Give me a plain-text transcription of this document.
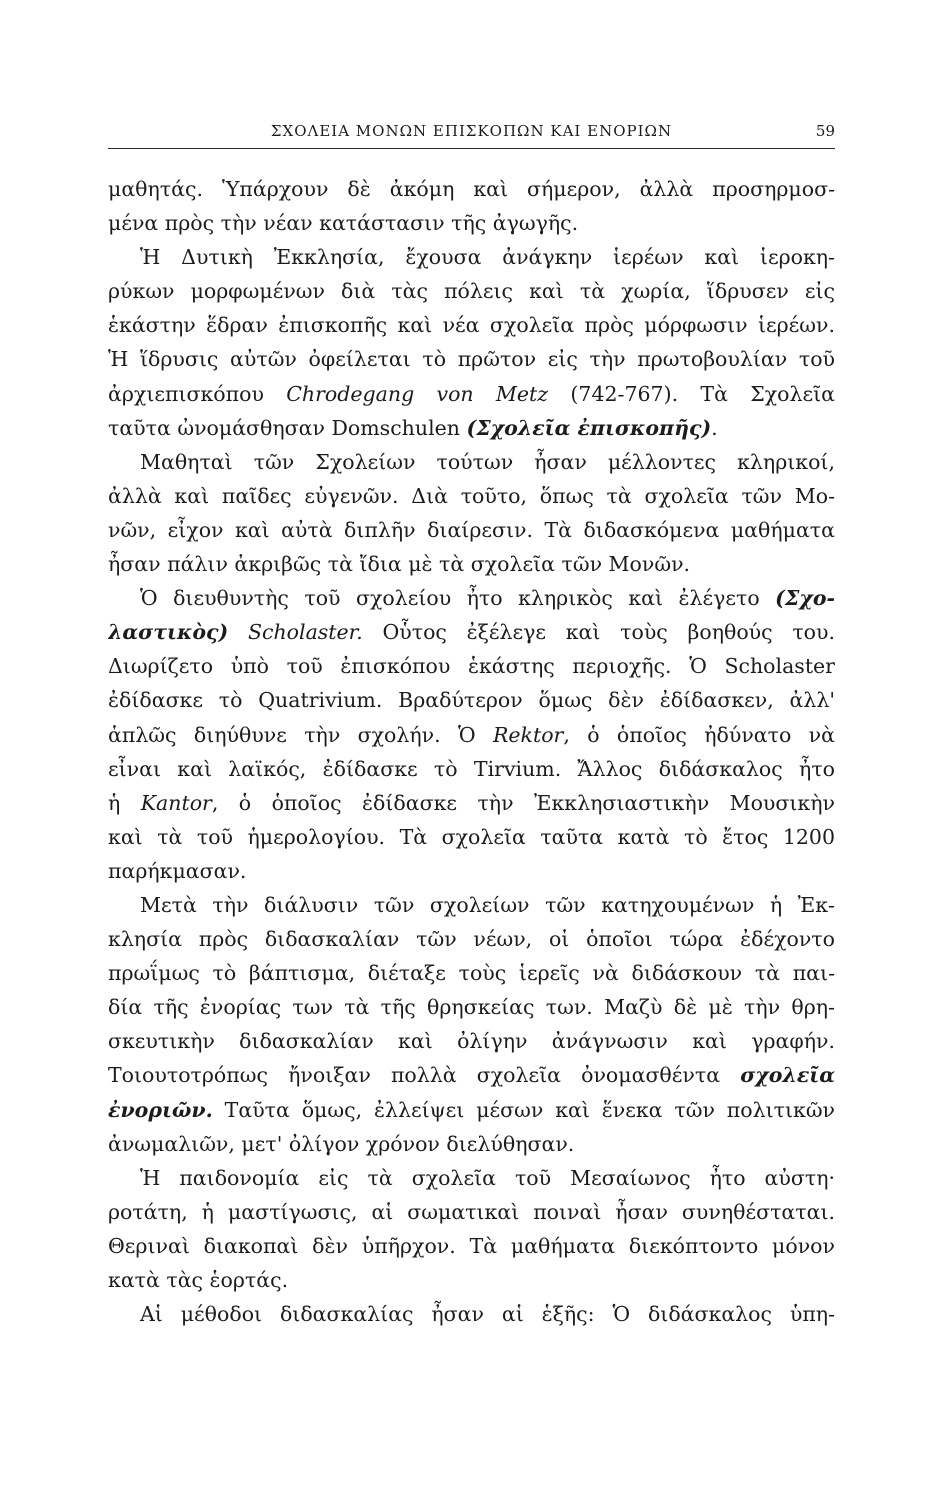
ΣΧΟΛΕΙΑ ΜΟΝΩΝ ΕΠΙΣΚΟΠΩΝ ΚΑΙ ΕΝΟΡΙΩΝ	59
μαθητάς. Ὑπάρχουν δὲ ἀκόμη καὶ σήμερον, ἀλλὰ προσηρμοσ-
μένα πρὸς τὴν νέαν κατάστασιν τῆς ἀγωγῆς.
Ἡ Δυτικὴ Ἐκκλησία, ἔχουσα ἀνάγκην ἱερέων καὶ ἱεροκη-
ρύκων μορφωμένων διὰ τὰς πόλεις καὶ τὰ χωρία, ἵδρυσεν εἰς
ἑκάστην ἕδραν ἐπισκοπῆς καὶ νέα σχολεῖα πρὸς μόρφωσιν ἱερέων.
Ἡ ἵδρυσις αὐτῶν ὀφείλεται τὸ πρῶτον εἰς τὴν πρωτοβουλίαν τοῦ
ἀρχιεπισκόπου Chrodegang von Metz (742-767). Τὰ Σχολεῖα
ταῦτα ὠνομάσθησαν Domschulen (Σχολεῖα ἐπισκοπῆς).
Μαθηταὶ τῶν Σχολείων τούτων ἦσαν μέλλοντες κληρικοί,
ἀλλὰ καὶ παῖδες εὐγενῶν. Διὰ τοῦτο, ὅπως τὰ σχολεῖα τῶν Μο-
νῶν, εἶχον καὶ αὐτὰ διπλῆν διαίρεσιν. Τὰ διδασκόμενα μαθήματα
ἦσαν πάλιν ἀκριβῶς τὰ ἴδια μὲ τὰ σχολεῖα τῶν Μονῶν.
Ὁ διευθυντὴς τοῦ σχολείου ἦτο κληρικὸς καὶ ἐλέγετο (Σχο-
λαστικὸς) Scholaster. Οὗτος ἐξέλεγε καὶ τοὺς βοηθούς του.
Διωρίζετο ὑπὸ τοῦ ἐπισκόπου ἑκάστης περιοχῆς. Ὁ Scholaster
ἐδίδασκε τὸ Quatrivium. Βραδύτερον ὅμως δὲν ἐδίδασκεν, ἀλλ'
ἁπλῶς διηύθυνε τὴν σχολήν. Ὁ Rektor, ὁ ὁποῖος ἠδύνατο νὰ
εἶναι καὶ λαϊκός, ἐδίδασκε τὸ Tirvium. Ἄλλος διδάσκαλος ἦτο
ἡ Kantor, ὁ ὁποῖος ἐδίδασκε τὴν Ἐκκλησιαστικὴν Μουσικὴν
καὶ τὰ τοῦ ἡμερολογίου. Τὰ σχολεῖα ταῦτα κατὰ τὸ ἔτος 1200
παρήκμασαν.
Μετὰ τὴν διάλυσιν τῶν σχολείων τῶν κατηχουμένων ἡ Ἐκ-
κλησία πρὸς διδασκαλίαν τῶν νέων, οἱ ὁποῖοι τώρα ἐδέχοντο
πρωΐμως τὸ βάπτισμα, διέταξε τοὺς ἱερεῖς νὰ διδάσκουν τὰ παι-
δία τῆς ἐνορίας των τὰ τῆς θρησκείας των. Μαζὺ δὲ μὲ τὴν θρη-
σκευτικὴν διδασκαλίαν καὶ ὀλίγην ἀνάγνωσιν καὶ γραφήν.
Τοιουτοτρόπως ἤνοιξαν πολλὰ σχολεῖα ὀνομασθέντα σχολεῖα
ἐνοριῶν. Ταῦτα ὅμως, ἐλλείψει μέσων καὶ ἕνεκα τῶν πολιτικῶν
ἀνωμαλιῶν, μετ' ὀλίγον χρόνον διελύθησαν.
Ἡ παιδονομία εἰς τὰ σχολεῖα τοῦ Μεσαίωνος ἦτο αὐστη·
ροτάτη, ἡ μαστίγωσις, αἱ σωματικαὶ ποιναὶ ἦσαν συνηθέσταται.
Θεριναὶ διακοπαὶ δὲν ὑπῆρχον. Τὰ μαθήματα διεκόπτοντο μόνον
κατὰ τὰς ἑορτάς.
Αἱ μέθοδοι διδασκαλίας ἦσαν αἱ ἑξῆς: Ὁ διδάσκαλος ὑπη-
